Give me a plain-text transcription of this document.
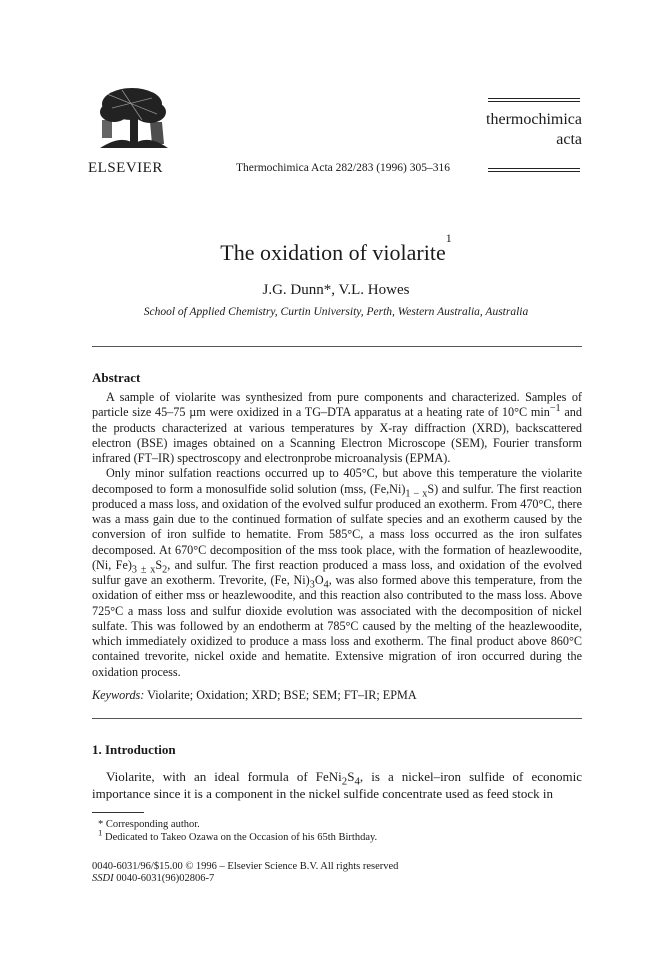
ELSEVIER	Thermochimica Acta 282/283 (1996) 305–316
thermochimica
acta
The oxidation of violarite$^1$
J.G. Dunn*, V.L. Howes
School of Applied Chemistry, Curtin University, Perth, Western Australia, Australia
Abstract

A sample of violarite was synthesized from pure components and characterized. Samples of particle size 45–75 µm were oxidized in a TG–DTA apparatus at a heating rate of 10°C $\min^{-1}$ and the products characterized at various temperatures by X-ray diffraction (XRD), backscattered electron (BSE) images obtained on a Scanning Electron Microscope (SEM), Fourier transform infrared (FT–IR) spectroscopy and electronprobe microanalysis (EPMA).

Only minor sulfation reactions occurred up to 405°C, but above this temperature the violarite decomposed to form a monosulfide solid solution (mss, $(Fe,Ni)_{1 - x}S$) and sulfur. The first reaction produced a mass loss, and oxidation of the evolved sulfur produced an exotherm. From 470°C, there was a mass gain due to the continued formation of sulfate species and an exotherm caused by the conversion of iron sulfide to hematite. From 585°C, a mass loss occurred as the iron sulfates decomposed. At 670°C decomposition of the mss took place, with the formation of heazlewoodite, (Ni, $Fe)_{3 \pm x}S_2$, and sulfur. The first reaction produced a mass loss, and oxidation of the evolved sulfur gave an exotherm. Trevorite, (Fe, $Ni)_3O_4$, was also formed above this temperature, from the oxidation of either mss or heazlewoodite, and this reaction also contributed to the mass loss. Above 725°C a mass loss and sulfur dioxide evolution was associated with the decomposition of nickel sulfate. This was followed by an endotherm at 785°C caused by the melting of the heazlewoodite, which immediately oxidized to produce a mass loss and exotherm. The final product above 860°C contained trevorite, nickel oxide and hematite. Extensive migration of iron occurred during the oxidation process.

Keywords: Violarite; Oxidation; XRD; BSE; SEM; FT–IR; EPMA
1. Introduction
Violarite, with an ideal formula of $FeNi_2S_4$, is a nickel–iron sulfide of economic importance since it is a component in the nickel sulfide concentrate used as feed stock in
* Corresponding author.
$^1$ Dedicated to Takeo Ozawa on the Occasion of his 65th Birthday.
0040-6031/96/$15.00 © 1996 – Elsevier Science B.V. All rights reserved
SSDI 0040-6031(96)02806-7
